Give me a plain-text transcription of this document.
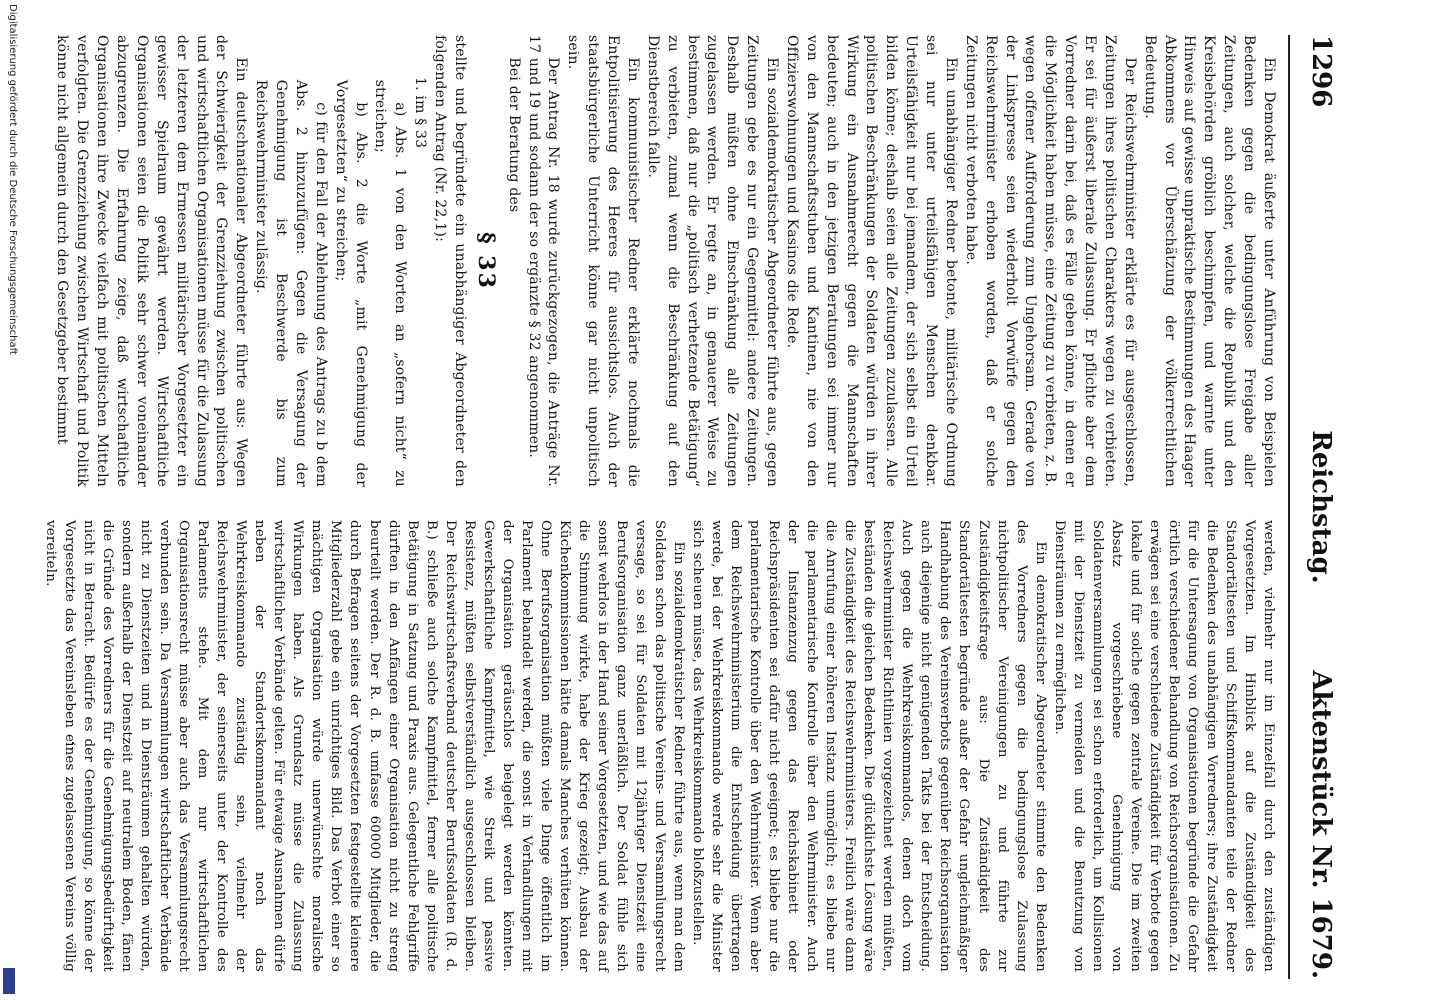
Digitalisierung gefördert durch die Deutsche Forschungsgemeinschaft	1296
Reichstag.
Aktenstück Nr. 1679.

Ein Demokrat äußerte unter Anführung von Beispielen Bedenken gegen die bedingungslose Freigabe aller Zeitungen, auch solcher, welche die Republik und den Kreisbehörden gröblich beschimpfen, und warnte unter Hinweis auf gewisse unpraktische Bestimmungen des Haager Abkommens vor Überschätzung der völkerrechtlichen Bedeutung.

Der Reichswehrminister erklärte es für ausgeschlossen, Zeitungen ihres politischen Charakters wegen zu verbieten. Er sei für äußerst liberale Zulassung. Er pflichte aber dem Vorredner darin bei, daß es Fälle geben könne, in denen er die Möglichkeit haben müsse, eine Zeitung zu verbieten, z. B. wegen offener Aufforderung zum Ungehorsam. Gerade von der Linkspresse seien wiederholt Vorwürfe gegen den Reichswehrminister erhoben worden, daß er solche Zeitungen nicht verboten habe.

Ein unabhängiger Redner betonte, militärische Ordnung sei nur unter urteilsfähigen Menschen denkbar. Urteilsfähigkeit nur bei jemandem, der sich selbst ein Urteil bilden könne; deshalb seien alle Zeitungen zuzulassen. Alle politischen Beschränkungen der Soldaten würden in ihrer Wirkung ein Ausnahmerecht gegen die Mannschaften bedeuten; auch in den jetzigen Beratungen sei immer nur von den Mannschaftsstuben und Kantinen, nie von den Offizierswohnungen und Kasinos die Rede.

Ein sozialdemokratischer Abgeordneter führte aus, gegen Zeitungen gebe es nur ein Gegenmittel: andere Zeitungen. Deshalb müßten ohne Einschränkung alle Zeitungen zugelassen werden. Er regte an, in genauerer Weise zu bestimmen, daß nur die „politisch verhetzende Betätigung“ zu verbieten, zumal wenn die Beschränkung auf den Dienstbereich falle.

Ein kommunistischer Redner erklärte nochmals die Entpolitisierung des Heeres für aussichtslos. Auch der staatsbürgerliche Unterricht könne gar nicht unpolitisch sein.

Der Antrag Nr. 18 wurde zurückgezogen, die Anträge Nr. 17 und 19 und sodann der so ergänzte § 32 angenommen.

Bei der Beratung des

§ 33

stellte und begründete ein unabhängiger Abgeordneter den folgenden Antrag (Nr. 22,1):

1. im § 33

a) Abs. 1 von den Worten an „sofern nicht“ zu streichen;

b) Abs. 2 die Worte „mit Genehmigung der Vorgesetzten“ zu streichen;

c) für den Fall der Ablehnung des Antrags zu b dem Abs. 2 hinzuzufügen: Gegen die Versagung der Genehmigung ist Beschwerde bis zum Reichswehrminister zulässig.

Ein deutschnationaler Abgeordneter führte aus: Wegen der Schwierigkeit der Grenzziehung zwischen politischen und wirtschaftlichen Organisationen müsse für die Zulassung der letzteren dem Ermessen militärischer Vorgesetzter ein gewisser Spielraum gewährt werden. Wirtschaftliche Organisationen seien die Politik sehr schwer voneinander abzugrenzen. Die Erfahrung zeige, daß wirtschaftliche Organisationen ihre Zwecke vielfach mit politischen Mitteln verfolgten. Die Grenzziehung zwischen Wirtschaft und Politik könne nicht allgemein durch den Gesetzgeber bestimmt

werden, vielmehr nur im Einzelfall durch den zuständigen Vorgesetzten. Im Hinblick auf die Zuständigkeit des Standortältesten und Schiffskommandanten teile der Redner die Bedenken des unabhängigen Vorredners; ihre Zuständigkeit für die Untersagung von Organisationen begründe die Gefahr örtlich verschiedener Behandlung von Reichsorganisationen. Zu erwägen sei eine verschiedene Zuständigkeit für Verbote gegen lokale und für solche gegen zentrale Vereine. Die im zweiten Absatz vorgeschriebene Genehmigung von Soldatenversammlungen sei schon erforderlich, um Kollisionen mit der Dienstzeit zu vermeiden und die Benutzung von Diensträumen zu ermöglichen.

Ein demokratischer Abgeordneter stimmte den Bedenken des Vorredners gegen die bedingungslose Zulassung nichtpolitischer Vereinigungen zu und führte zur Zuständigkeitsfrage aus: Die Zuständigkeit des Standortältesten begründe außer der Gefahr ungleichmäßiger Handhabung des Vereinsverbots gegenüber Reichsorganisation auch diejenige nicht genügenden Takts bei der Entscheidung. Auch gegen die Wehrkreiskommandos, denen doch vom Reichswehrminister Richtlinien vorgezeichnet werden müßten, beständen die gleichen Bedenken. Die glücklichste Lösung wäre die Zuständigkeit des Reichswehrministers. Freilich wäre dann die Anrufung einer höheren Instanz unmöglich; es bliebe nur die parlamentarische Kontrolle über den Wehrminister. Auch der Instanzenzug gegen das Reichskabinett oder Reichspräsidenten sei dafür nicht geeignet; es bliebe nur die parlamentarische Kontrolle über den Wehrminister. Wenn aber dem Reichswehrministerium die Entscheidung übertragen werde, bei der Wehrkreiskommando werde sehr die Minister sich scheuen müsse, das Wehrkreiskommando bloßzustellen.

Ein sozialdemokratischer Redner führte aus, wenn man dem Soldaten schon das politische Vereins- und Versammlungsrecht versage, so sei für Soldaten mit 12jähriger Dienstzeit eine Berufsorganisation ganz unerläßlich. Der Soldat fühle sich sonst wehrlos in der Hand seiner Vorgesetzten, und wie das auf die Stimmung wirkte, habe der Krieg gezeigt; Ausbau der Küchenkommissionen hätte damals Manches verhüten können. Ohne Berufsorganisation müßten viele Dinge öffentlich im Parlament behandelt werden, die sonst in Verhandlungen mit der Organisation geräuschlos beigelegt werden könnten. Gewerkschaftliche Kampfmittel, wie Streik und passive Resistenz, müßten selbstverständlich ausgeschlossen bleiben. Der Reichswirtschaftsverband deutscher Berufssoldaten (R. d. B.) schließe auch solche Kampfmittel, ferner alle politische Betätigung in Satzung und Praxis aus. Gelegentliche Fehlgriffe dürften in den Anfängen einer Organisation nicht zu streng beurteilt werden. Der R. d. B. umfasse 60000 Mitglieder, die durch Befragen seitens der Vorgesetzten festgestellte kleinere Mitgliederzahl gebe ein unrichtiges Bild. Das Verbot einer so mächtigen Organisation würde unerwünschte moralische Wirkungen haben. Als Grundsatz müsse die Zulassung wirtschaftlicher Verbände gelten. Für etwaige Ausnahmen dürfe neben der Standortskommandant noch das Wehrkreiskommando zuständig sein, vielmehr der Reichswehrminister, der seinerseits unter der Kontrolle des Parlaments stehe. Mit dem nur wirtschaftlichen Organisationsrecht müsse aber auch das Versammlungsrecht verbunden sein. Da Versammlungen wirtschaftlicher Verbände nicht zu Dienstzeiten und in Diensträumen gehalten würden, sondern außerhalb der Dienstzeit auf neutralem Boden, fänen die Gründe des Vorredners für die Genehmigungsbedürftigkeit nicht in Betracht. Bedürfe es der Genehmigung, so könne der Vorgesetzte das Vereinsleben eines zugelassenen Vereins völlig vereiteln.
